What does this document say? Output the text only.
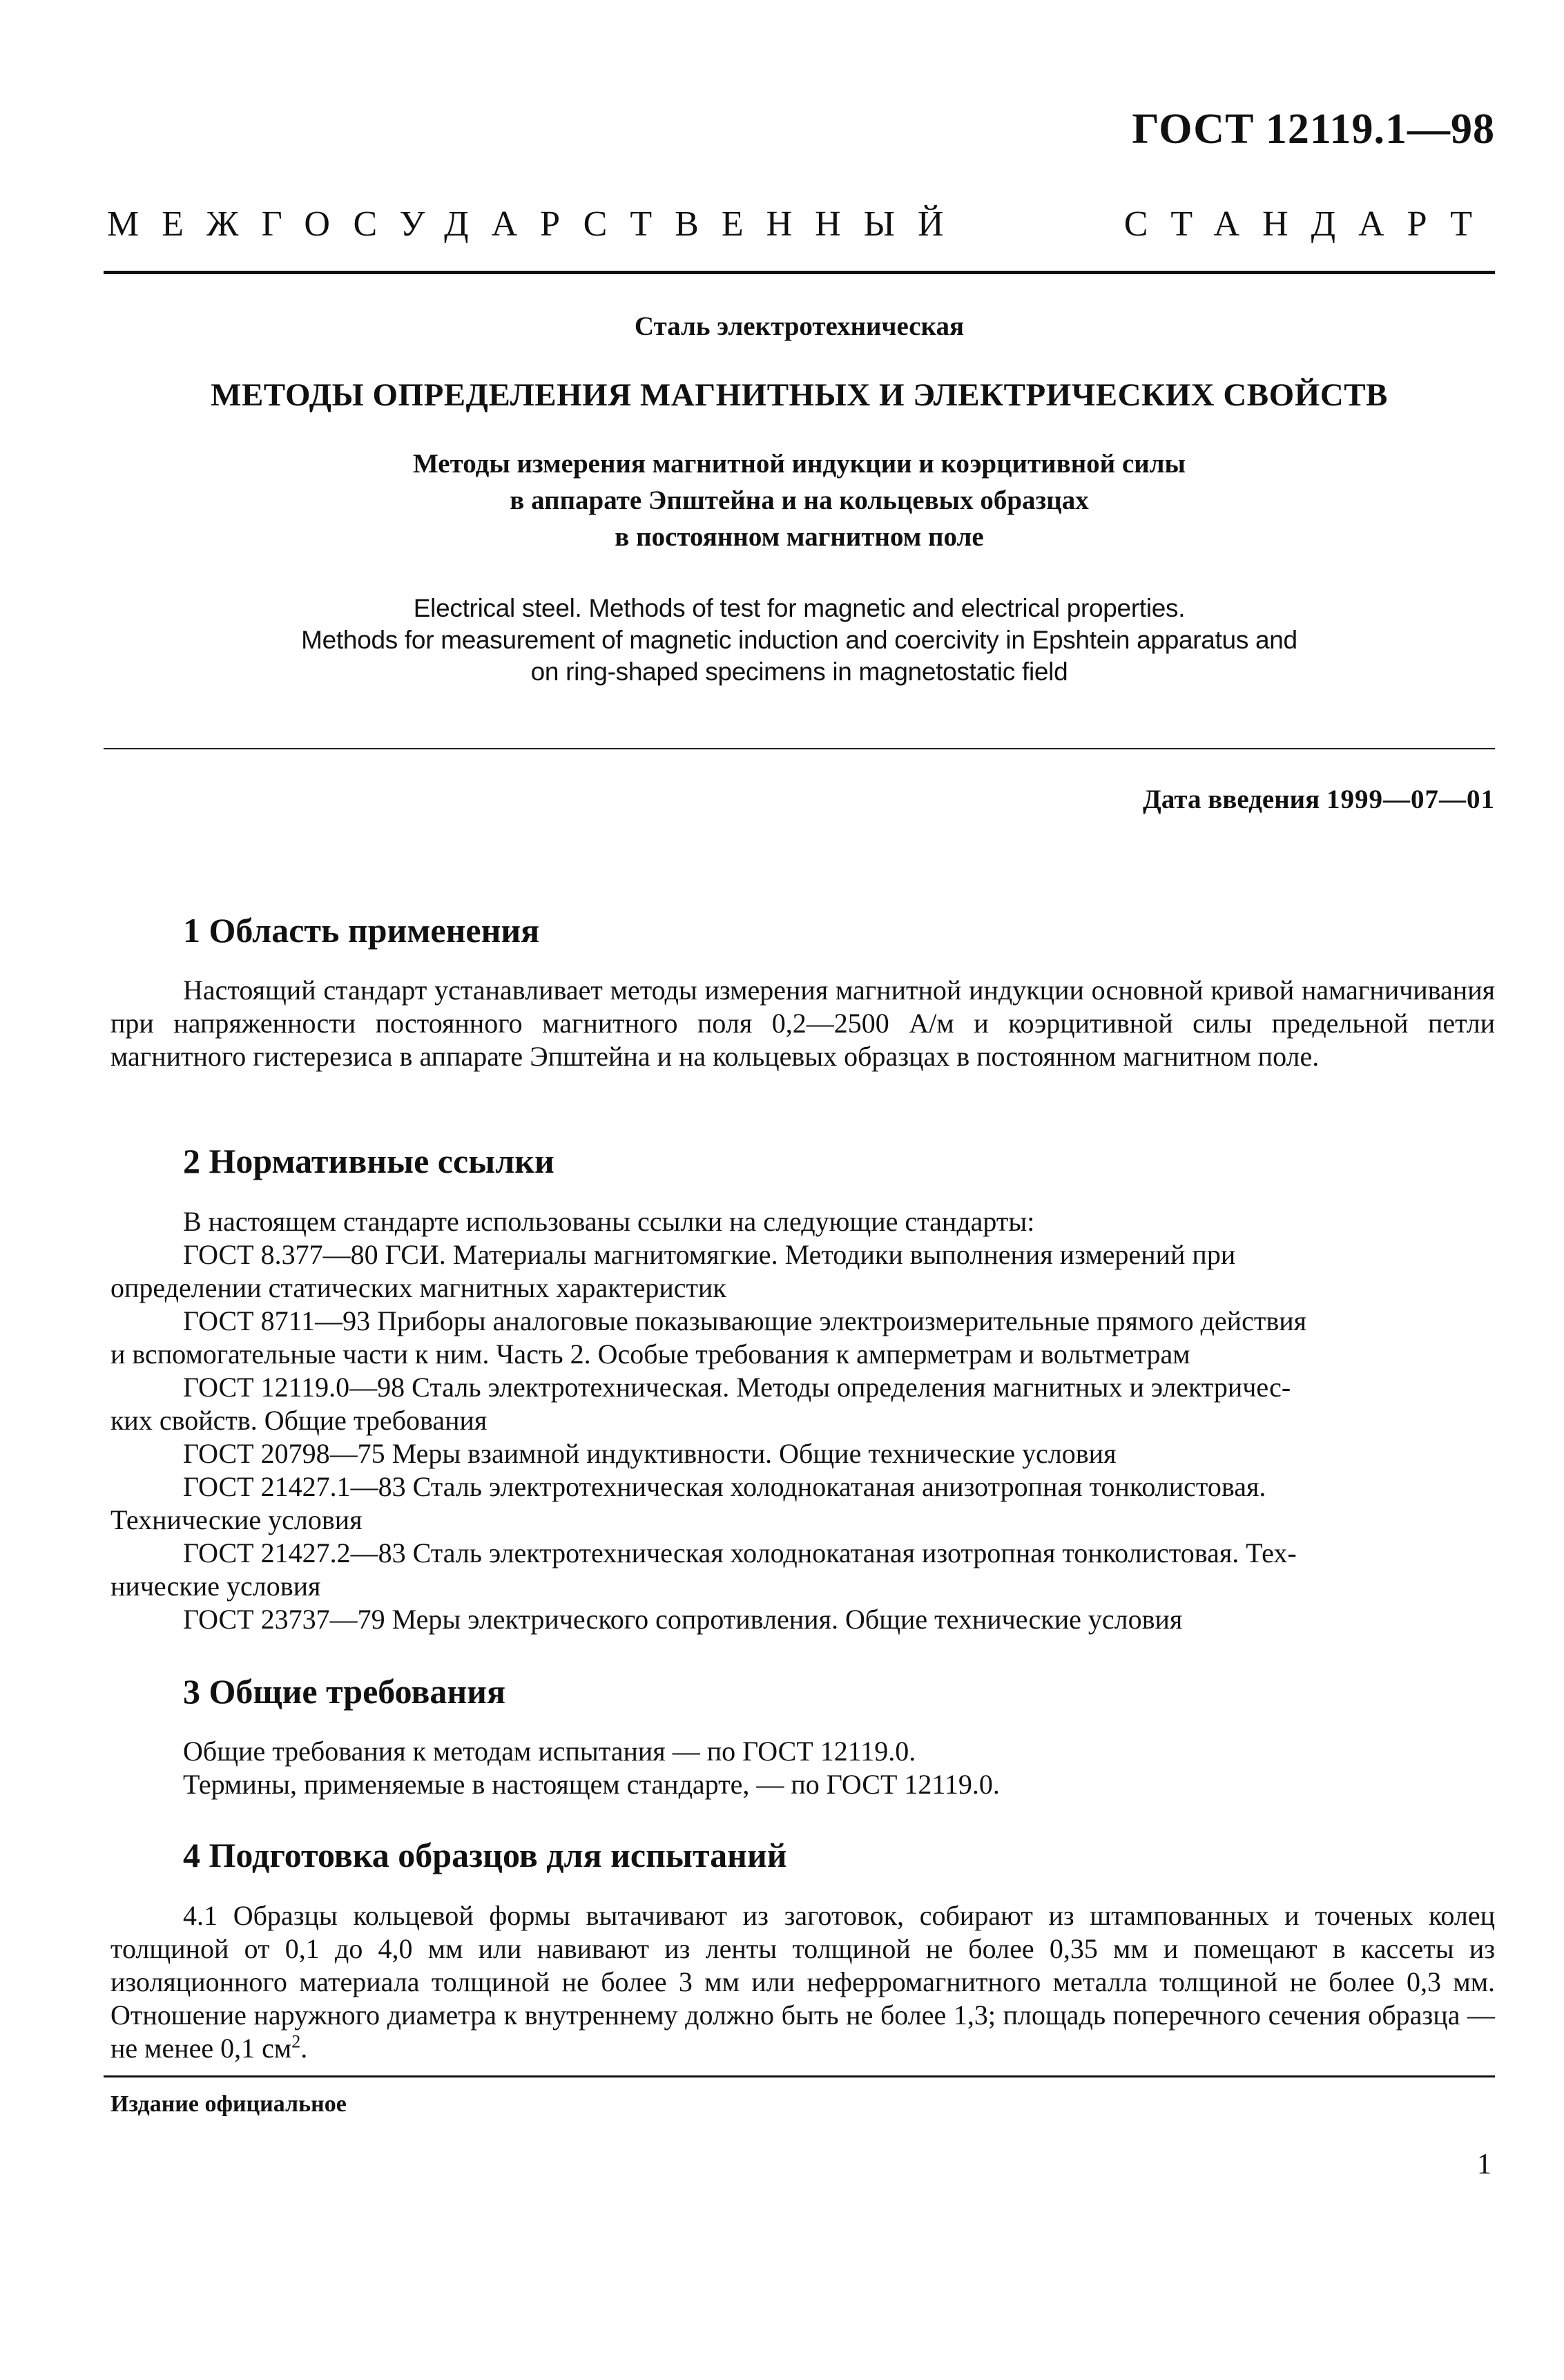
ГОСТ 12119.1—98
МЕЖГОСУДАРСТВЕННЫЙ	СТАНДАРТ
Сталь электротехническая
МЕТОДЫ ОПРЕДЕЛЕНИЯ МАГНИТНЫХ И ЭЛЕКТРИЧЕСКИХ СВОЙСТВ
Методы измерения магнитной индукции и коэрцитивной силы
в аппарате Эпштейна и на кольцевых образцах
в постоянном магнитном поле
Electrical steel. Methods of test for magnetic and electrical properties.
Methods for measurement of magnetic induction and coercivity in Epshtein apparatus and
on ring-shaped specimens in magnetostatic field
Дата введения 1999—07—01
1 Область применения

Настоящий стандарт устанавливает методы измерения магнитной индукции основной кривой намагничивания при напряженности постоянного магнитного поля 0,2—2500 А/м и коэрцитивной силы предельной петли магнитного гистерезиса в аппарате Эпштейна и на кольцевых образцах в постоянном магнитном поле.

2 Нормативные ссылки
В настоящем стандарте использованы ссылки на следующие стандарты:
ГОСТ 8.377—80 ГСИ. Материалы магнитомягкие. Методики выполнения измерений при
определении статических магнитных характеристик
ГОСТ 8711—93 Приборы аналоговые показывающие электроизмерительные прямого действия
и вспомогательные части к ним. Часть 2. Особые требования к амперметрам и вольтметрам
ГОСТ 12119.0—98 Сталь электротехническая. Методы определения магнитных и электричес-
ких свойств. Общие требования
ГОСТ 20798—75 Меры взаимной индуктивности. Общие технические условия
ГОСТ 21427.1—83 Сталь электротехническая холоднокатаная анизотропная тонколистовая.
Технические условия
ГОСТ 21427.2—83 Сталь электротехническая холоднокатаная изотропная тонколистовая. Тех-
нические условия
ГОСТ 23737—79 Меры электрического сопротивления. Общие технические условия
3 Общие требования
Общие требования к методам испытания — по ГОСТ 12119.0.
Термины, применяемые в настоящем стандарте, — по ГОСТ 12119.0.
4 Подготовка образцов для испытаний

4.1 Образцы кольцевой формы вытачивают из заготовок, собирают из штампованных и точеных колец толщиной от 0,1 до 4,0 мм или навивают из ленты толщиной не более 0,35 мм и помещают в кассеты из изоляционного материала толщиной не более 3 мм или неферромагнитного металла толщиной не более 0,3 мм. Отношение наружного диаметра к внутреннему должно быть не более 1,3; площадь поперечного сечения образца — не менее 0,1 $см^2$.

Издание официальное
1
